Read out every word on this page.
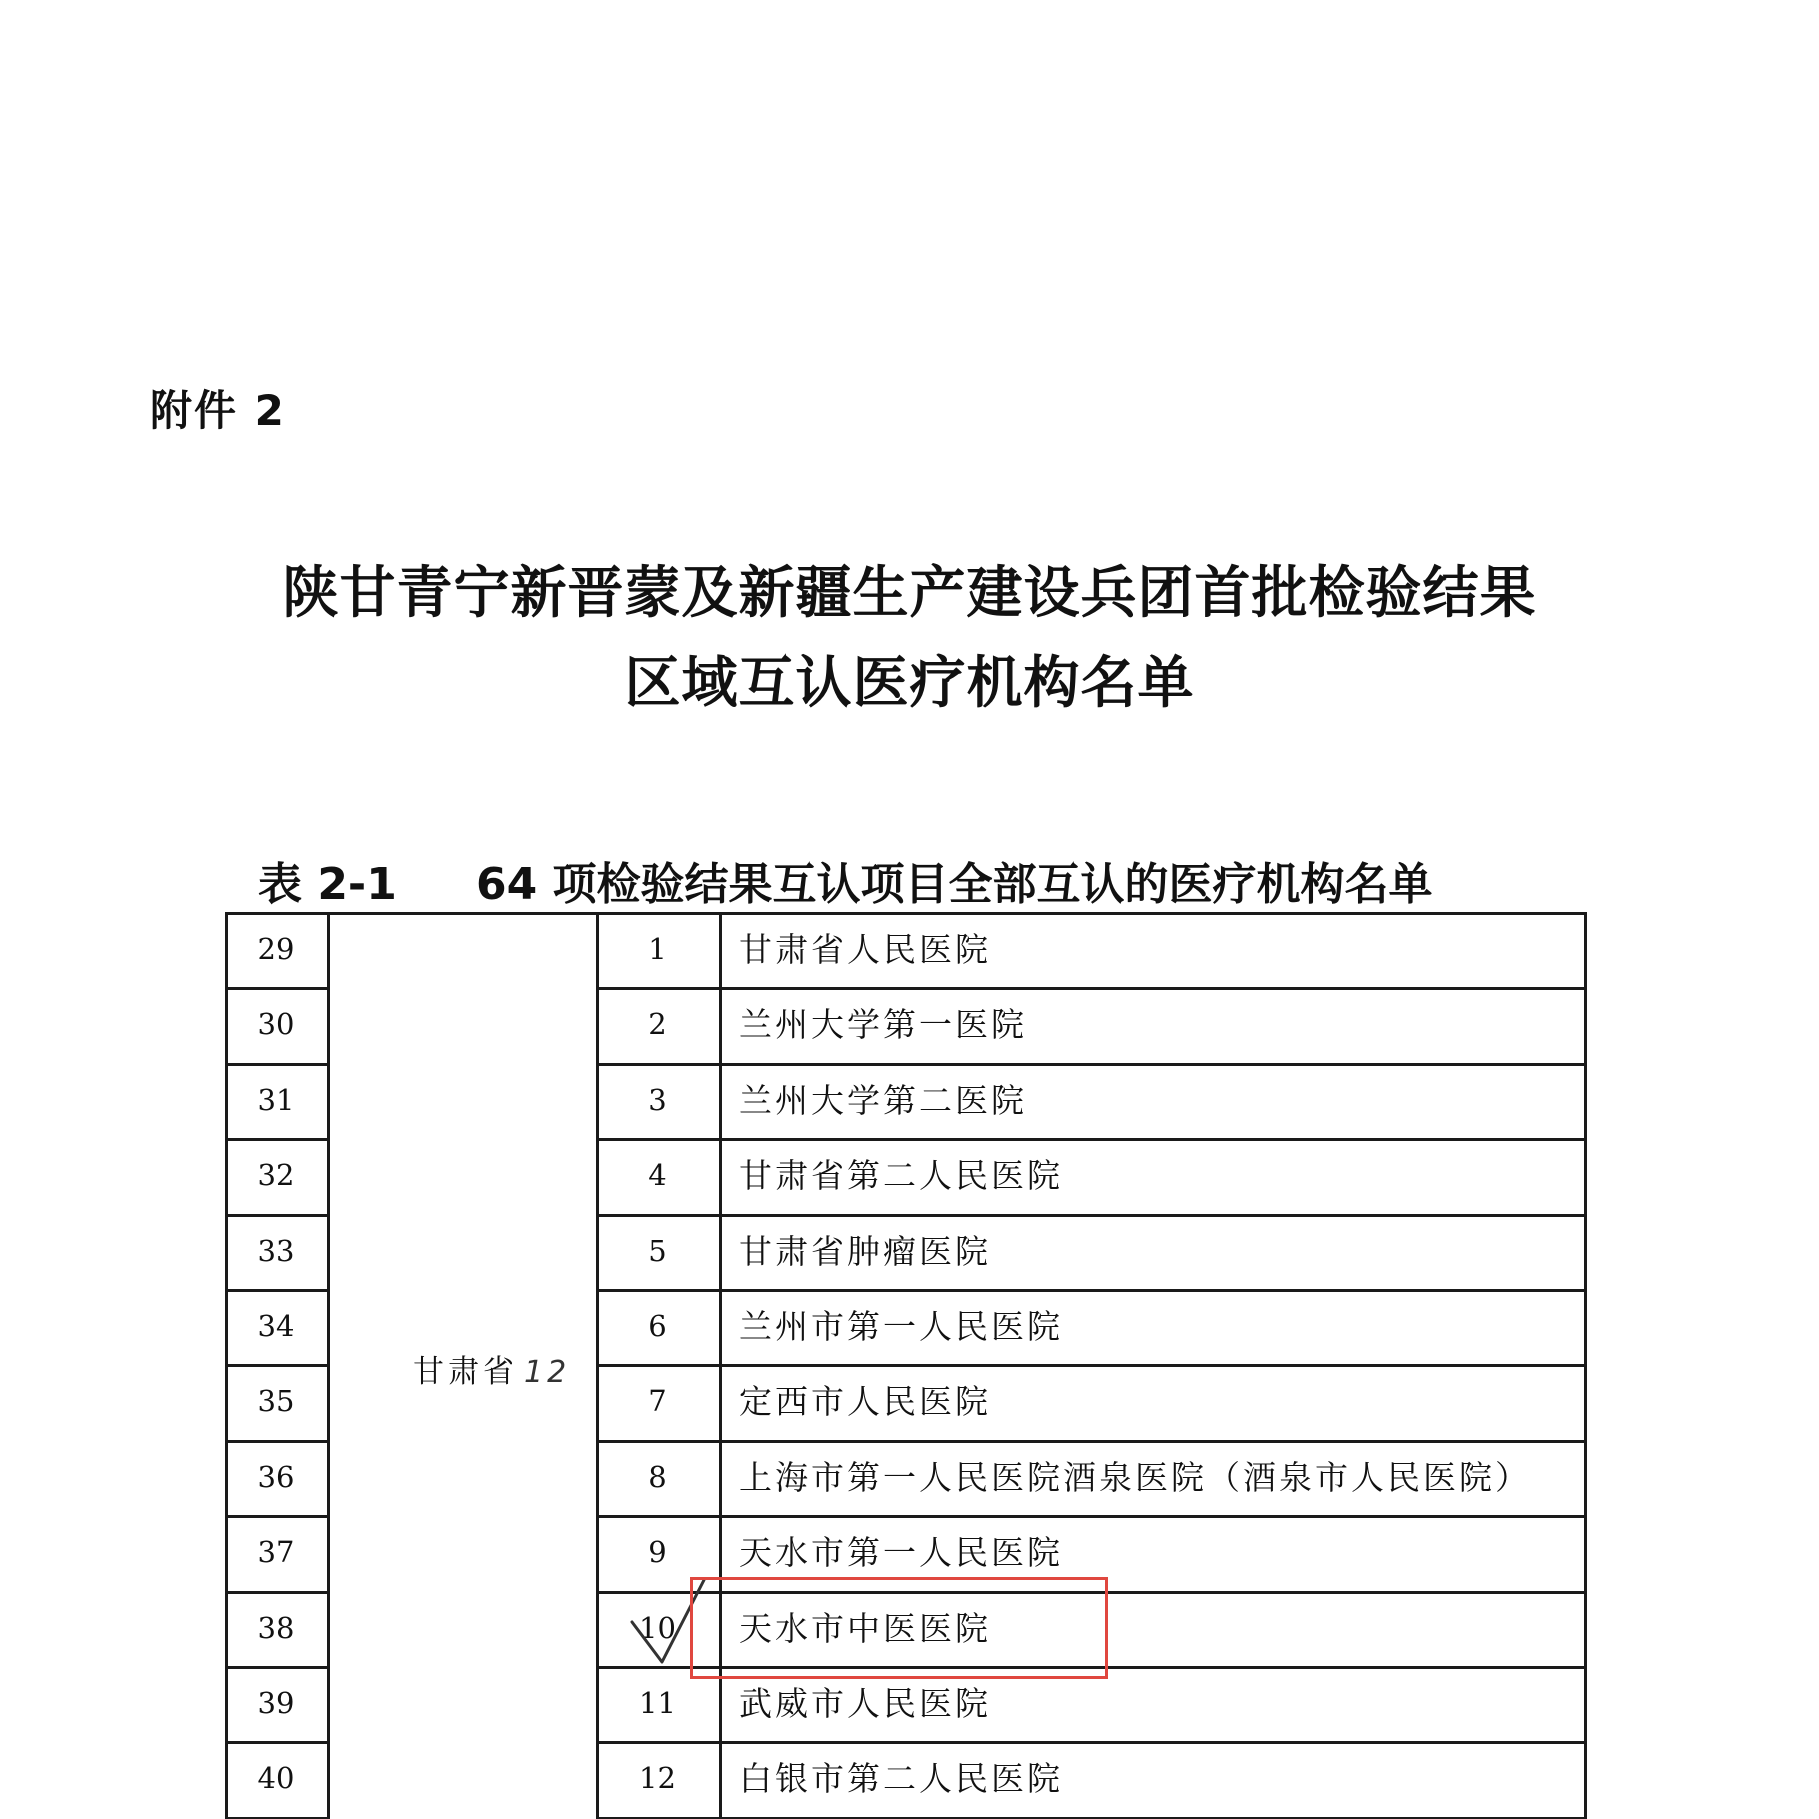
附件 2
陕甘青宁新晋蒙及新疆生产建设兵团首批检验结果
区域互认医疗机构名单
表 2-1 64 项检验结果互认项目全部互认的医疗机构名单
甘肃省 12
29	1	甘肃省人民医院
30	2	兰州大学第一医院
31	3	兰州大学第二医院
32	4	甘肃省第二人民医院
33	5	甘肃省肿瘤医院
34	6	兰州市第一人民医院
35	7	定西市人民医院
36	8	上海市第一人民医院酒泉医院（酒泉市人民医院）
37	9	天水市第一人民医院
38	10	天水市中医医院
39	11	武威市人民医院
40	12	白银市第二人民医院
